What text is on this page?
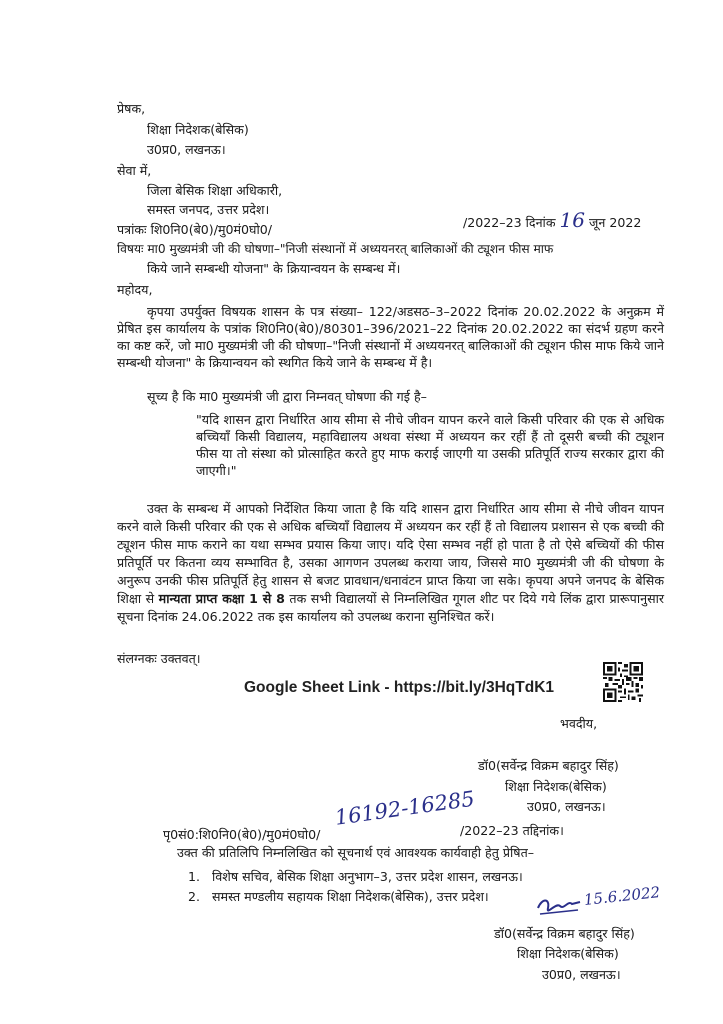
प्रेषक,
शिक्षा निदेशक(बेसिक)
उ0प्र0, लखनऊ।
सेवा में,
जिला बेसिक शिक्षा अधिकारी,
समस्त जनपद, उत्तर प्रदेश।
पत्रांकः शि0नि0(बे0)/मु0मं0घो0/	/2022–23 दिनांक 16 जून 2022
विषयः मा0 मुख्यमंत्री जी की घोषणा–"निजी संस्थानों में अध्ययनरत् बालिकाओं की ट्यूशन फीस माफ
किये जाने सम्बन्धी योजना" के क्रियान्वयन के सम्बन्ध में।
महोदय,
कृपया उपर्युक्त विषयक शासन के पत्र संख्या– 122/अडसठ–3–2022 दिनांक 20.02.2022 के अनुक्रम में प्रेषित इस कार्यालय के पत्रांक शि0नि0(बे0)/80301–396/2021–22 दिनांक 20.02.2022 का संदर्भ ग्रहण करने का कष्ट करें, जो मा0 मुख्यमंत्री जी की घोषणा–"निजी संस्थानों में अध्ययनरत् बालिकाओं की ट्यूशन फीस माफ किये जाने सम्बन्धी योजना" के क्रियान्वयन को स्थगित किये जाने के सम्बन्ध में है।
सूच्य है कि मा0 मुख्यमंत्री जी द्वारा निम्नवत् घोषणा की गई है–
"यदि शासन द्वारा निर्धारित आय सीमा से नीचे जीवन यापन करने वाले किसी परिवार की एक से अधिक बच्चियाँ किसी विद्यालय, महाविद्यालय अथवा संस्था में अध्ययन कर रहीं हैं तो दूसरी बच्ची की ट्यूशन फीस या तो संस्था को प्रोत्साहित करते हुए माफ कराई जाएगी या उसकी प्रतिपूर्ति राज्य सरकार द्वारा की जाएगी।"
उक्त के सम्बन्ध में आपको निर्देशित किया जाता है कि यदि शासन द्वारा निर्धारित आय सीमा से नीचे जीवन यापन करने वाले किसी परिवार की एक से अधिक बच्चियाँ विद्यालय में अध्ययन कर रहीं हैं तो विद्यालय प्रशासन से एक बच्ची की ट्यूशन फीस माफ कराने का यथा सम्भव प्रयास किया जाए। यदि ऐसा सम्भव नहीं हो पाता है तो ऐसे बच्चियों की फीस प्रतिपूर्ति पर कितना व्यय सम्भावित है, उसका आगणन उपलब्ध कराया जाय, जिससे मा0 मुख्यमंत्री जी की घोषणा के अनुरूप उनकी फीस प्रतिपूर्ति हेतु शासन से बजट प्रावधान/धनावंटन प्राप्त किया जा सके। कृपया अपने जनपद के बेसिक शिक्षा से मान्यता प्राप्त कक्षा 1 से 8 तक सभी विद्यालयों से निम्नलिखित गूगल शीट पर दिये गये लिंक द्वारा प्रारूपानुसार सूचना दिनांक 24.06.2022 तक इस कार्यालय को उपलब्ध कराना सुनिश्चित करें।
संलग्नकः उक्तवत्।
Google Sheet Link - https://bit.ly/3HqTdK1
भवदीय,
डॉ0(सर्वेन्द्र विक्रम बहादुर सिंह)
शिक्षा निदेशक(बेसिक)
उ0प्र0, लखनऊ।
पृ0सं0:शि0नि0(बे0)/मु0मं0घो0/
16192-16285
/2022–23 तद्दिनांक।
उक्त की प्रतिलिपि निम्नलिखित को सूचनार्थ एवं आवश्यक कार्यवाही हेतु प्रेषित–
1. विशेष सचिव, बेसिक शिक्षा अनुभाग–3, उत्तर प्रदेश शासन, लखनऊ।
2. समस्त मण्डलीय सहायक शिक्षा निदेशक(बेसिक), उत्तर प्रदेश।	15.6.2022
डॉ0(सर्वेन्द्र विक्रम बहादुर सिंह)
शिक्षा निदेशक(बेसिक)
उ0प्र0, लखनऊ।
